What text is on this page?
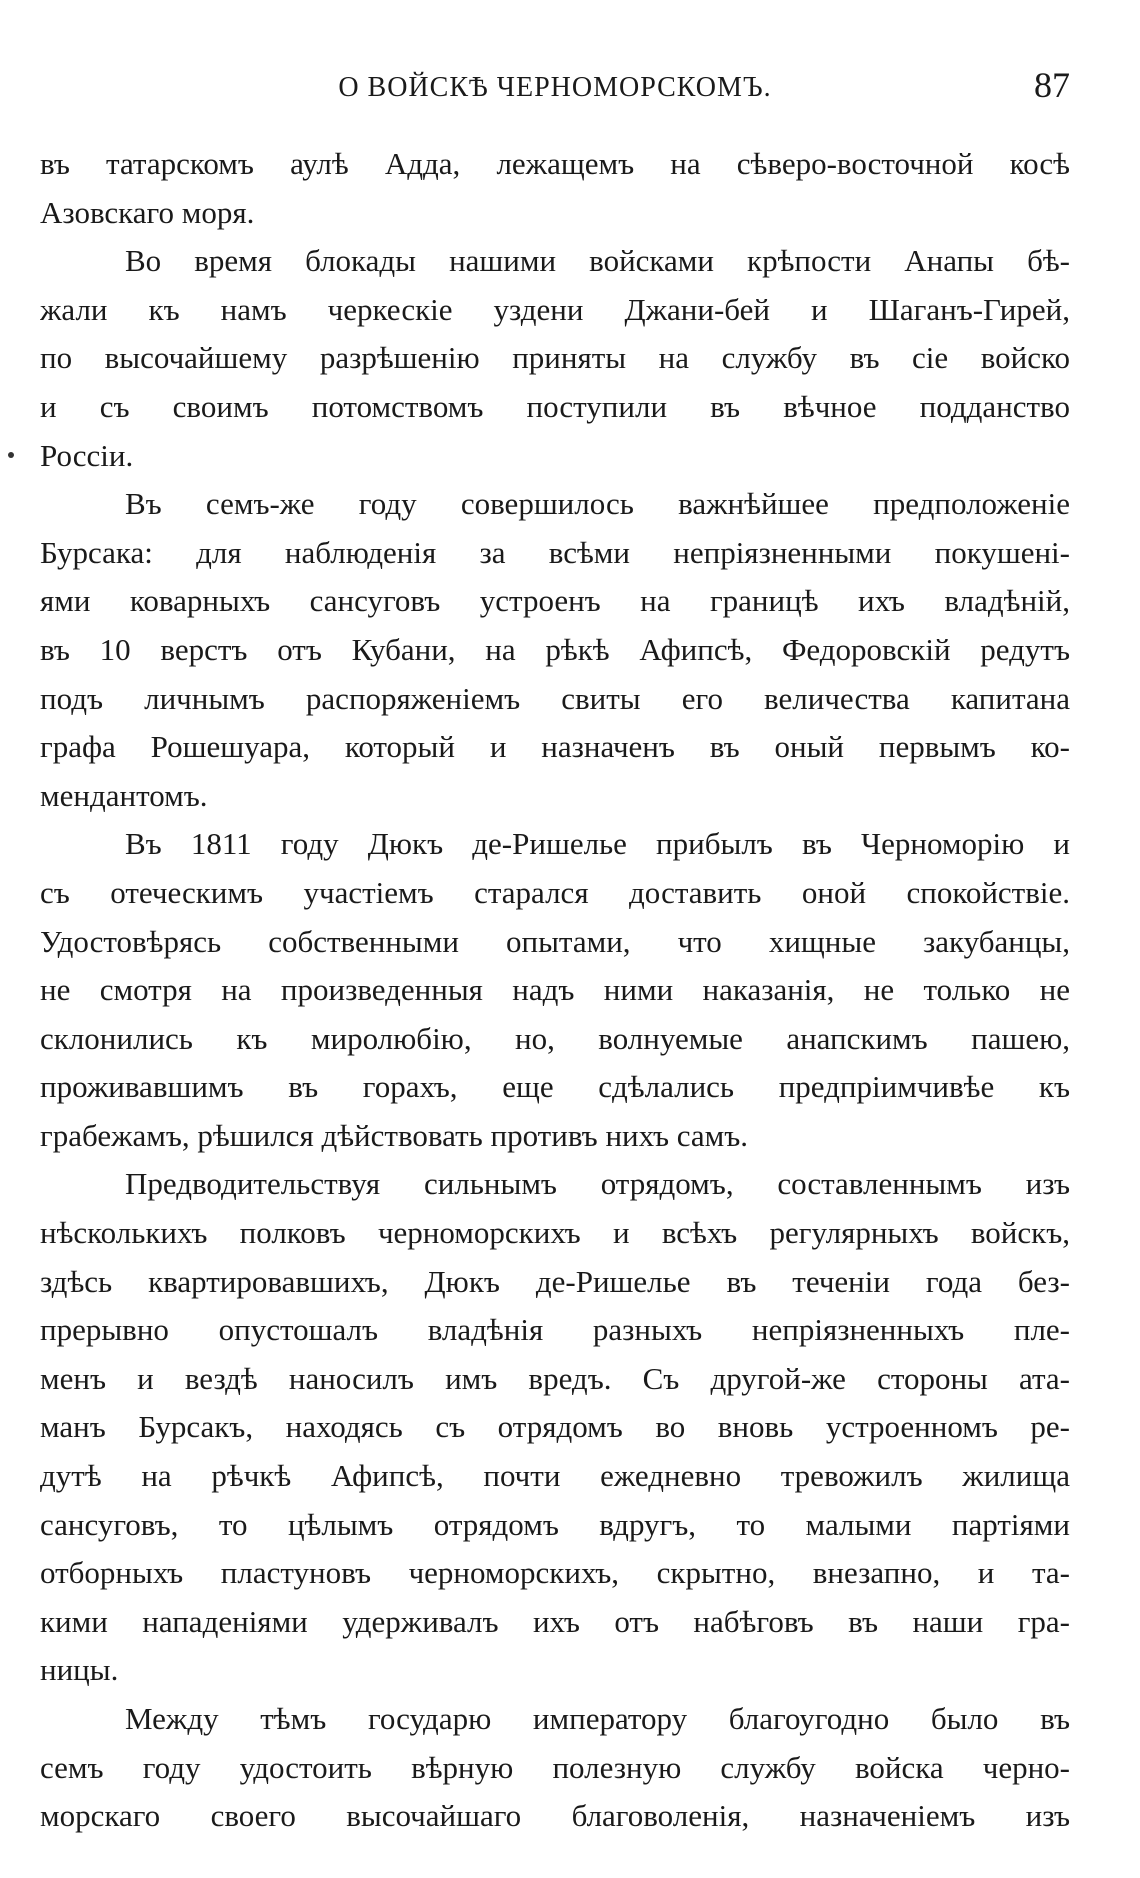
О ВОЙСКѢ ЧЕРНОМОРСКОМЪ.	87
въ татарскомъ аулѣ Адда, лежащемъ на сѣверо-восточной косѣ
Азовскаго моря.
Во время блокады нашими войсками крѣпости Анапы бѣ-
жали къ намъ черкескіе уздени Джани-бей и Шаганъ-Гирей,
по высочайшему разрѣшенію приняты на службу въ сіе войско
и съ своимъ потомствомъ поступили въ вѣчное подданство
Россіи.
Въ семъ-же году совершилось важнѣйшее предположеніе
Бурсака: для наблюденія за всѣми непріязненными покушені-
ями коварныхъ сансуговъ устроенъ на границѣ ихъ владѣній,
въ 10 верстъ отъ Кубани, на рѣкѣ Афипсѣ, Федоровскій редутъ
подъ личнымъ распоряженіемъ свиты его величества капитана
графа Рошешуара, который и назначенъ въ оный первымъ ко-
мендантомъ.
Въ 1811 году Дюкъ де-Ришелье прибылъ въ Черноморію и
съ отеческимъ участіемъ старался доставить оной спокойствіе.
Удостовѣрясь собственными опытами, что хищные закубанцы,
не смотря на произведенныя надъ ними наказанія, не только не
склонились къ миролюбію, но, волнуемые анапскимъ пашею,
проживавшимъ въ горахъ, еще сдѣлались предпріимчивѣе къ
грабежамъ, рѣшился дѣйствовать противъ нихъ самъ.
Предводительствуя сильнымъ отрядомъ, составленнымъ изъ
нѣсколькихъ полковъ черноморскихъ и всѣхъ регулярныхъ войскъ,
здѣсь квартировавшихъ, Дюкъ де-Ришелье въ теченіи года без-
прерывно опустошалъ владѣнія разныхъ непріязненныхъ пле-
менъ и вездѣ наносилъ имъ вредъ. Съ другой-же стороны ата-
манъ Бурсакъ, находясь съ отрядомъ во вновь устроенномъ ре-
дутѣ на рѣчкѣ Афипсѣ, почти ежедневно тревожилъ жилища
сансуговъ, то цѣлымъ отрядомъ вдругъ, то малыми партіями
отборныхъ пластуновъ черноморскихъ, скрытно, внезапно, и та-
кими нападеніями удерживалъ ихъ отъ набѣговъ въ наши гра-
ницы.
Между тѣмъ государю императору благоугодно было въ
семъ году удостоить вѣрную полезную службу войска черно-
морскаго своего высочайшаго благоволенія, назначеніемъ изъ
